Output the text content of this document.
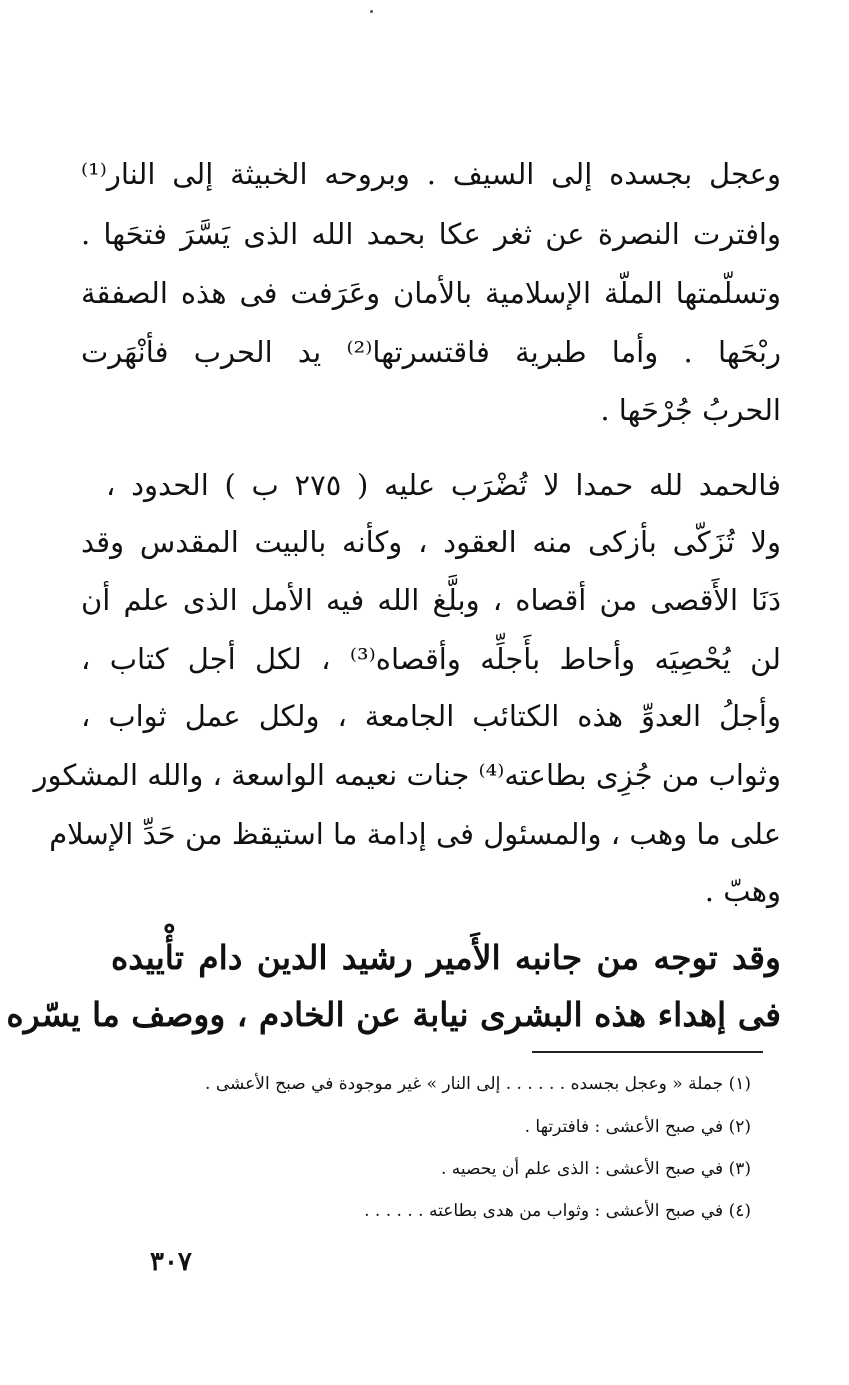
وعجل بجسده إلى السيف . وبروحه الخبيثة إلى النار⁽¹⁾
وافترت النصرة عن ثغر عكا بحمد الله الذى يَسَّرَ فتحَها .
وتسلّمتها الملّة الإسلامية بالأمان وعَرَفت فى هذه الصفقة
ربْحَها . وأما طبرية فاقتسرتها⁽²⁾ يد الحرب فأنْهَرت
الحربُ جُرْحَها .
فالحمد لله حمدا لا تُضْرَب عليه ( ٢٧٥ ب ) الحدود ،
ولا تُزَكّى بأزكى منه العقود ، وكأنه بالبيت المقدس وقد
دَنَا الأَقصى من أقصاه ، وبلَّغ الله فيه الأمل الذى علم أن
لن يُحْصِيَه وأحاط بأَجلِّه وأقصاه⁽³⁾ ، لكل أجل كتاب ،
وأجلُ العدوِّ هذه الكتائب الجامعة ، ولكل عمل ثواب ،
وثواب من جُزِى بطاعته⁽⁴⁾ جنات نعيمه الواسعة ، والله المشكور
على ما وهب ، والمسئول فى إدامة ما استيقظ من حَدِّ الإسلام
وهبّ .
وقد توجه من جانبه الأَمير رشيد الدين دام تأْييده
فى إهداء هذه البشرى نيابة عن الخادم ، ووصف ما يسّره
(١) جملة « وعجل بجسده . . . . . . إلى النار » غير موجودة في صبح الأعشى .
(٢) في صبح الأعشى : فافترتها .
(٣) في صبح الأعشى : الذى علم أن يحصيه .
(٤) في صبح الأعشى : وثواب من هدى بطاعته . . . . . .
٣٠٧
